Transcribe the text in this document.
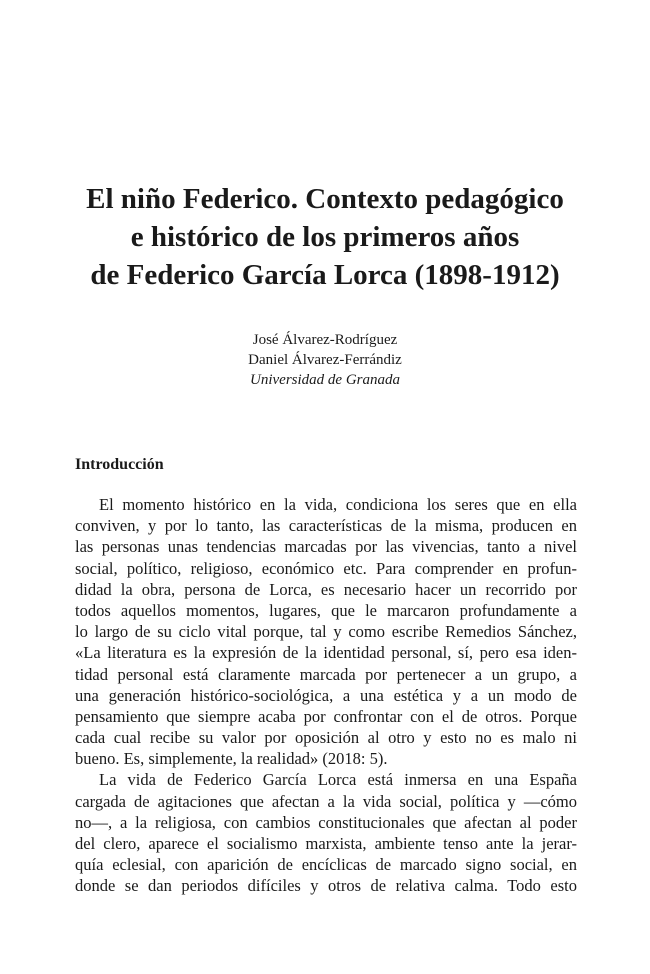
El niño Federico. Contexto pedagógico
e histórico de los primeros años
de Federico García Lorca (1898-1912)
José Álvarez-Rodríguez
Daniel Álvarez-Ferrándiz
Universidad de Granada
Introducción
El momento histórico en la vida, condiciona los seres que en ella
conviven, y por lo tanto, las características de la misma, producen en
las personas unas tendencias marcadas por las vivencias, tanto a nivel
social, político, religioso, económico etc. Para comprender en profun-
didad la obra, persona de Lorca, es necesario hacer un recorrido por
todos aquellos momentos, lugares, que le marcaron profundamente a
lo largo de su ciclo vital porque, tal y como escribe Remedios Sánchez,
«La literatura es la expresión de la identidad personal, sí, pero esa iden-
tidad personal está claramente marcada por pertenecer a un grupo, a
una generación histórico-sociológica, a una estética y a un modo de
pensamiento que siempre acaba por confrontar con el de otros. Porque
cada cual recibe su valor por oposición al otro y esto no es malo ni
bueno. Es, simplemente, la realidad» (2018: 5).
La vida de Federico García Lorca está inmersa en una España
cargada de agitaciones que afectan a la vida social, política y —cómo
no—, a la religiosa, con cambios constitucionales que afectan al poder
del clero, aparece el socialismo marxista, ambiente tenso ante la jerar-
quía eclesial, con aparición de encíclicas de marcado signo social, en
donde se dan periodos difíciles y otros de relativa calma. Todo esto
